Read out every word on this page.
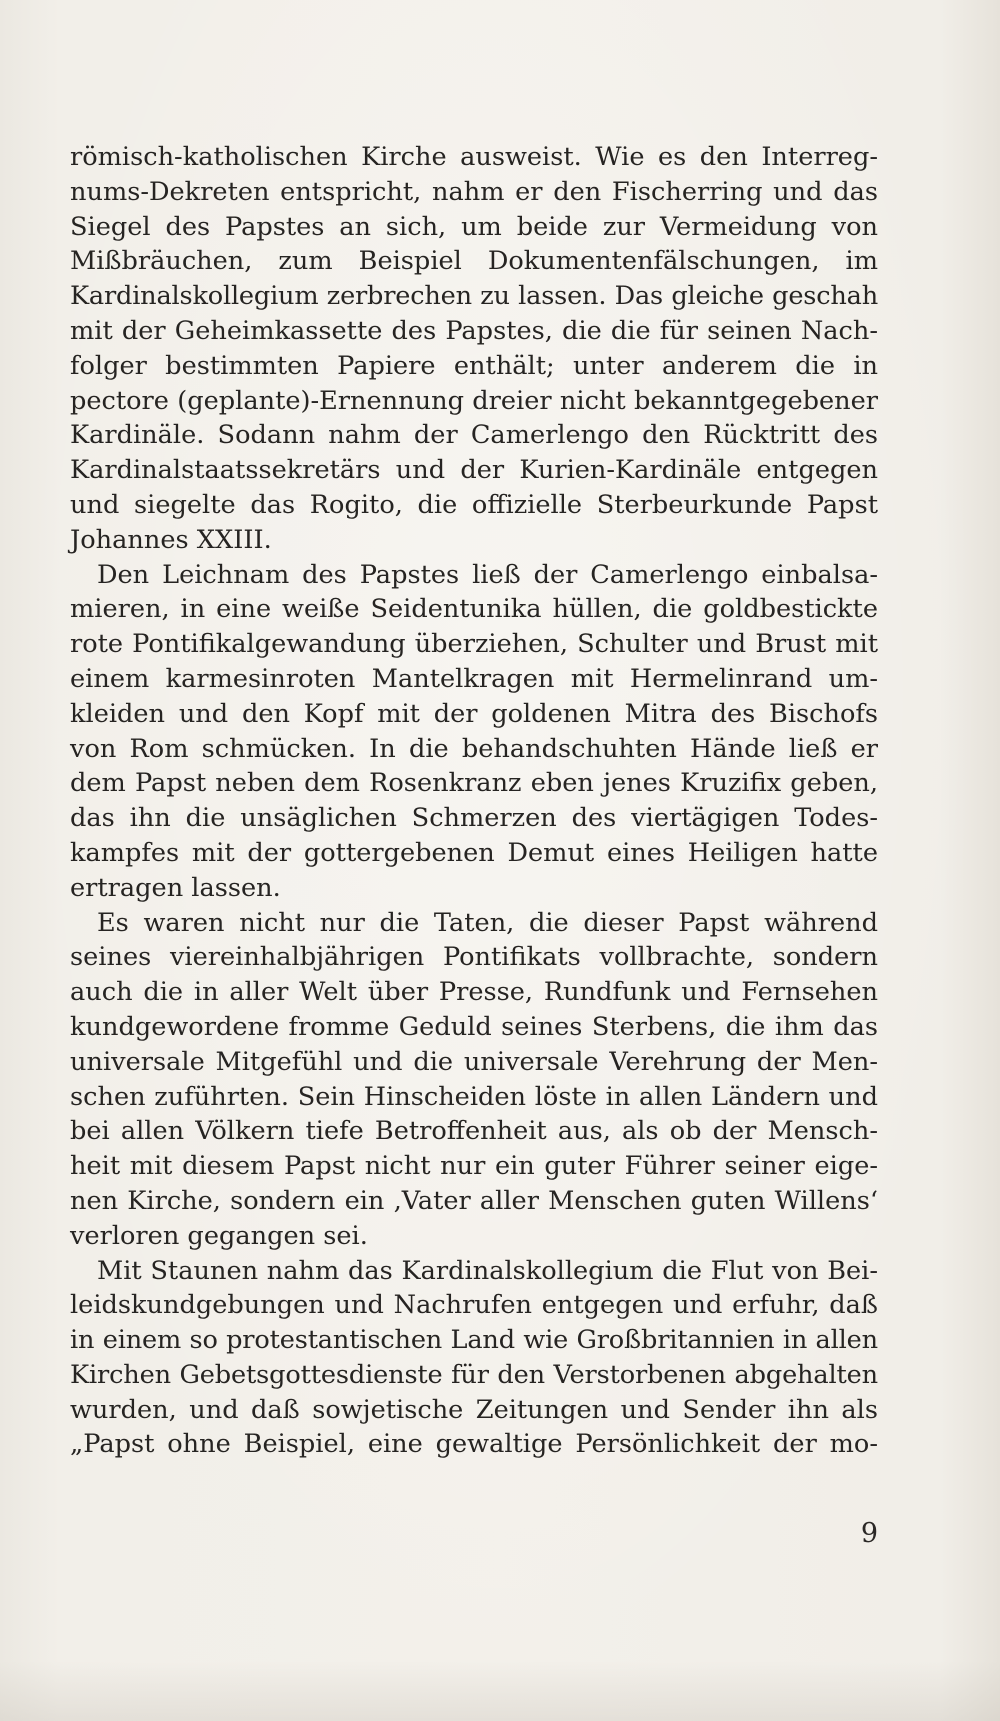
römisch-katholischen Kirche ausweist. Wie es den Interreg-
nums-Dekreten entspricht, nahm er den Fischerring und das
Siegel des Papstes an sich, um beide zur Vermeidung von
Mißbräuchen, zum Beispiel Dokumentenfälschungen, im
Kardinalskollegium zerbrechen zu lassen. Das gleiche geschah
mit der Geheimkassette des Papstes, die die für seinen Nach-
folger bestimmten Papiere enthält; unter anderem die in
pectore (geplante)-Ernennung dreier nicht bekanntgegebener
Kardinäle. Sodann nahm der Camerlengo den Rücktritt des
Kardinalstaatssekretärs und der Kurien-Kardinäle entgegen
und siegelte das Rogito, die offizielle Sterbeurkunde Papst
Johannes XXIII.
Den Leichnam des Papstes ließ der Camerlengo einbalsa-
mieren, in eine weiße Seidentunika hüllen, die goldbestickte
rote Pontifikalgewandung überziehen, Schulter und Brust mit
einem karmesinroten Mantelkragen mit Hermelinrand um-
kleiden und den Kopf mit der goldenen Mitra des Bischofs
von Rom schmücken. In die behandschuhten Hände ließ er
dem Papst neben dem Rosenkranz eben jenes Kruzifix geben,
das ihn die unsäglichen Schmerzen des viertägigen Todes-
kampfes mit der gottergebenen Demut eines Heiligen hatte
ertragen lassen.
Es waren nicht nur die Taten, die dieser Papst während
seines viereinhalbjährigen Pontifikats vollbrachte, sondern
auch die in aller Welt über Presse, Rundfunk und Fernsehen
kundgewordene fromme Geduld seines Sterbens, die ihm das
universale Mitgefühl und die universale Verehrung der Men-
schen zuführten. Sein Hinscheiden löste in allen Ländern und
bei allen Völkern tiefe Betroffenheit aus, als ob der Mensch-
heit mit diesem Papst nicht nur ein guter Führer seiner eige-
nen Kirche, sondern ein ‚Vater aller Menschen guten Willens‘
verloren gegangen sei.
Mit Staunen nahm das Kardinalskollegium die Flut von Bei-
leidskundgebungen und Nachrufen entgegen und erfuhr, daß
in einem so protestantischen Land wie Großbritannien in allen
Kirchen Gebetsgottesdienste für den Verstorbenen abgehalten
wurden, und daß sowjetische Zeitungen und Sender ihn als
„Papst ohne Beispiel, eine gewaltige Persönlichkeit der mo-
9
